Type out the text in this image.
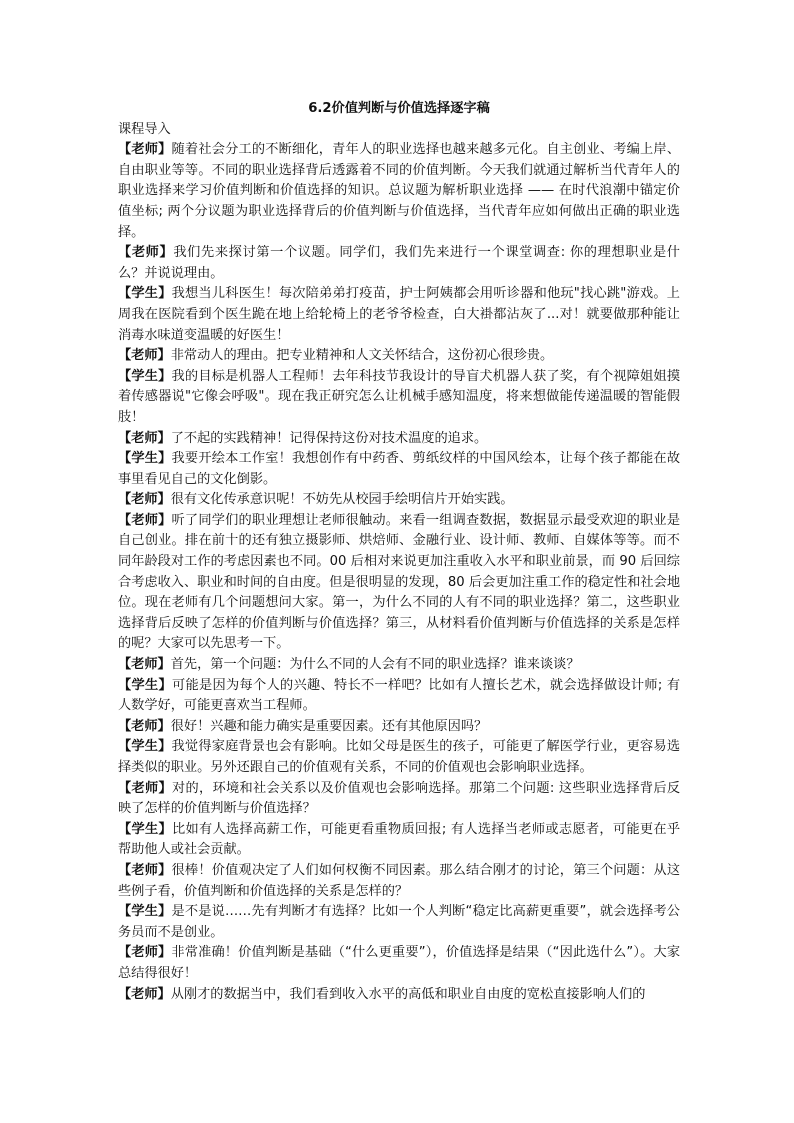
6.2价值判断与价值选择逐字稿

课程导入

【老师】随着社会分工的不断细化，青年人的职业选择也越来越多元化。自主创业、考编上岸、自由职业等等。不同的职业选择背后透露着不同的价值判断。今天我们就通过解析当代青年人的职业选择来学习价值判断和价值选择的知识。总议题为解析职业选择 —— 在时代浪潮中锚定价值坐标; 两个分议题为职业选择背后的价值判断与价值选择，当代青年应如何做出正确的职业选择。

【老师】我们先来探讨第一个议题。同学们，我们先来进行一个课堂调查: 你的理想职业是什么？并说说理由。

【学生】我想当儿科医生！每次陪弟弟打疫苗，护士阿姨都会用听诊器和他玩"找心跳"游戏。上周我在医院看到个医生跪在地上给轮椅上的老爷爷检查，白大褂都沾灰了...对！就要做那种能让消毒水味道变温暖的好医生！

【老师】非常动人的理由。把专业精神和人文关怀结合，这份初心很珍贵。

【学生】我的目标是机器人工程师！去年科技节我设计的导盲犬机器人获了奖，有个视障姐姐摸着传感器说"它像会呼吸"。现在我正研究怎么让机械手感知温度，将来想做能传递温暖的智能假肢！

【老师】了不起的实践精神！记得保持这份对技术温度的追求。

【学生】我要开绘本工作室！我想创作有中药香、剪纸纹样的中国风绘本，让每个孩子都能在故事里看见自己的文化倒影。

【老师】很有文化传承意识呢！不妨先从校园手绘明信片开始实践。

【老师】听了同学们的职业理想让老师很触动。来看一组调查数据，数据显示最受欢迎的职业是自己创业。排在前十的还有独立摄影师、烘焙师、金融行业、设计师、教师、自媒体等等。而不同年龄段对工作的考虑因素也不同。00 后相对来说更加注重收入水平和职业前景，而 90 后回综合考虑收入、职业和时间的自由度。但是很明显的发现，80 后会更加注重工作的稳定性和社会地位。现在老师有几个问题想问大家。第一，为什么不同的人有不同的职业选择？第二，这些职业选择背后反映了怎样的价值判断与价值选择？第三，从材料看价值判断与价值选择的关系是怎样的呢？大家可以先思考一下。

【老师】首先，第一个问题：为什么不同的人会有不同的职业选择？谁来谈谈？

【学生】可能是因为每个人的兴趣、特长不一样吧？比如有人擅长艺术，就会选择做设计师; 有人数学好，可能更喜欢当工程师。

【老师】很好！兴趣和能力确实是重要因素。还有其他原因吗？

【学生】我觉得家庭背景也会有影响。比如父母是医生的孩子，可能更了解医学行业，更容易选择类似的职业。另外还跟自己的价值观有关系，不同的价值观也会影响职业选择。

【老师】对的，环境和社会关系以及价值观也会影响选择。那第二个问题: 这些职业选择背后反映了怎样的价值判断与价值选择？

【学生】比如有人选择高薪工作，可能更看重物质回报; 有人选择当老师或志愿者，可能更在乎帮助他人或社会贡献。

【老师】很棒！价值观决定了人们如何权衡不同因素。那么结合刚才的讨论，第三个问题：从这些例子看，价值判断和价值选择的关系是怎样的？

【学生】是不是说……先有判断才有选择？比如一个人判断“稳定比高薪更重要”，就会选择考公务员而不是创业。

【老师】非常准确！价值判断是基础（“什么更重要”），价值选择是结果（“因此选什么”）。大家总结得很好！

【老师】从刚才的数据当中，我们看到收入水平的高低和职业自由度的宽松直接影响人们的
